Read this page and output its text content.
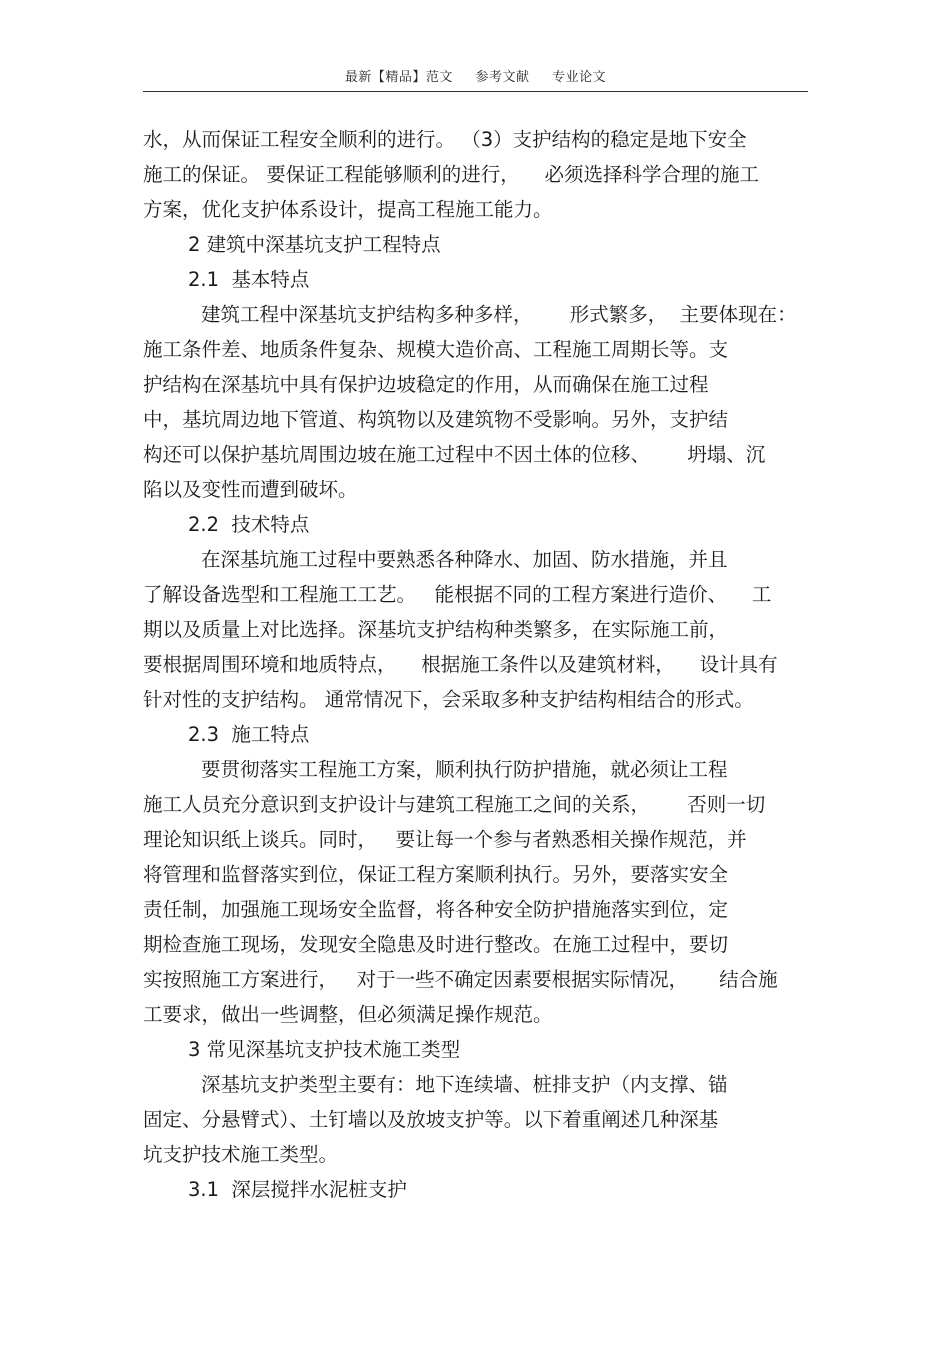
最新【精品】范文 参考文献 专业论文
水，从而保证工程安全顺利的进行。 （3）支护结构的稳定是地下安全
施工的保证。 要保证工程能够顺利的进行，    必须选择科学合理的施工
方案，优化支护体系设计，提高工程施工能力。
2 建筑中深基坑支护工程特点
2.1  基本特点
建筑工程中深基坑支护结构多种多样，      形式繁多，  主要体现在：
施工条件差、地质条件复杂、规模大造价高、工程施工周期长等。支
护结构在深基坑中具有保护边坡稳定的作用，从而确保在施工过程
中，基坑周边地下管道、构筑物以及建筑物不受影响。另外，支护结
构还可以保护基坑周围边坡在施工过程中不因土体的位移、      坍塌、沉
陷以及变性而遭到破坏。
2.2  技术特点
在深基坑施工过程中要熟悉各种降水、加固、防水措施，并且
了解设备选型和工程施工工艺。   能根据不同的工程方案进行造价、    工
期以及质量上对比选择。深基坑支护结构种类繁多，在实际施工前，
要根据周围环境和地质特点，    根据施工条件以及建筑材料，    设计具有
针对性的支护结构。 通常情况下，会采取多种支护结构相结合的形式。
2.3  施工特点
要贯彻落实工程施工方案，顺利执行防护措施，就必须让工程
施工人员充分意识到支护设计与建筑工程施工之间的关系，      否则一切
理论知识纸上谈兵。同时，   要让每一个参与者熟悉相关操作规范，并
将管理和监督落实到位，保证工程方案顺利执行。另外，要落实安全
责任制，加强施工现场安全监督，将各种安全防护措施落实到位，定
期检查施工现场，发现安全隐患及时进行整改。在施工过程中，要切
实按照施工方案进行，   对于一些不确定因素要根据实际情况，     结合施
工要求，做出一些调整，但必须满足操作规范。
3 常见深基坑支护技术施工类型
深基坑支护类型主要有：地下连续墙、桩排支护（内支撑、锚
固定、分悬臂式）、土钉墙以及放坡支护等。以下着重阐述几种深基
坑支护技术施工类型。
3.1  深层搅拌水泥桩支护
